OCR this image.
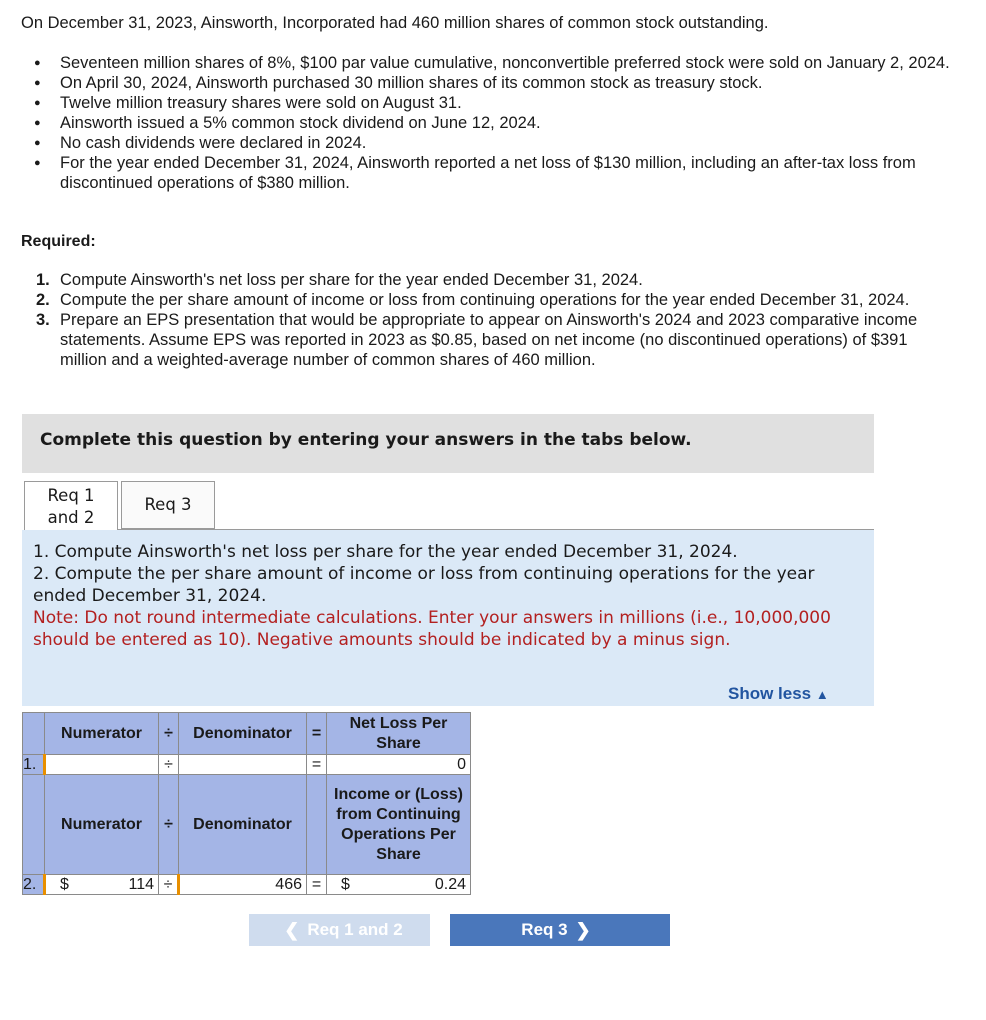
On December 31, 2023, Ainsworth, Incorporated had 460 million shares of common stock outstanding.
● Seventeen million shares of 8%, $100 par value cumulative, nonconvertible preferred stock were sold on January 2, 2024.
● On April 30, 2024, Ainsworth purchased 30 million shares of its common stock as treasury stock.
● Twelve million treasury shares were sold on August 31.
● Ainsworth issued a 5% common stock dividend on June 12, 2024.
● No cash dividends were declared in 2024.
● For the year ended December 31, 2024, Ainsworth reported a net loss of $130 million, including an after-tax loss from discontinued operations of $380 million.
Required:
1. Compute Ainsworth's net loss per share for the year ended December 31, 2024.
2. Compute the per share amount of income or loss from continuing operations for the year ended December 31, 2024.
3. Prepare an EPS presentation that would be appropriate to appear on Ainsworth's 2024 and 2023 comparative income statements. Assume EPS was reported in 2023 as $0.85, based on net income (no discontinued operations) of $391 million and a weighted-average number of common shares of 460 million.
Complete this question by entering your answers in the tabs below.
Req 1 and 2
Req 3
1. Compute Ainsworth's net loss per share for the year ended December 31, 2024.
2. Compute the per share amount of income or loss from continuing operations for the year ended December 31, 2024.
Note: Do not round intermediate calculations. Enter your answers in millions (i.e., 10,000,000 should be entered as 10). Negative amounts should be indicated by a minus sign.
Show less ▲
	Numerator	÷	Denominator	=	Net Loss Per Share
1.		÷		=	0
	Numerator	÷	Denominator		Income or (Loss) from Continuing Operations Per Share
2.	$ 114	÷	466	=	$ 0.24
❮ Req 1 and 2	Req 3 ❯
